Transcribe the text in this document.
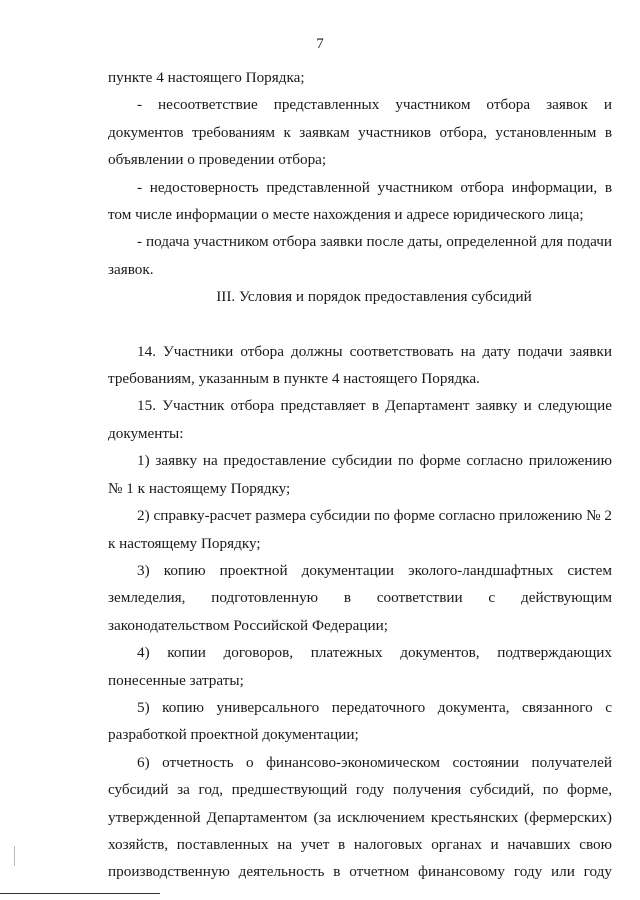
7

пункте 4 настоящего Порядка;

- несоответствие представленных участником отбора заявок и документов требованиям к заявкам участников отбора, установленным в объявлении о проведении отбора;

- недостоверность представленной участником отбора информации, в том числе информации о месте нахождения и адресе юридического лица;

- подача участником отбора заявки после даты, определенной для подачи заявок.

III. Условия и порядок предоставления субсидий

14. Участники отбора должны соответствовать на дату подачи заявки требованиям, указанным в пункте 4 настоящего Порядка.

15. Участник отбора представляет в Департамент заявку и следующие документы:

1) заявку на предоставление субсидии по форме согласно приложению № 1 к настоящему Порядку;

2) справку-расчет размера субсидии по форме согласно приложению № 2 к настоящему Порядку;

3) копию проектной документации эколого-ландшафтных систем земледелия, подготовленную в соответствии с действующим законодательством Российской Федерации;

4) копии договоров, платежных документов, подтверждающих понесенные затраты;

5) копию универсального передаточного документа, связанного с разработкой проектной документации;

6) отчетность о финансово-экономическом состоянии получателей субсидий за год, предшествующий году получения субсидий, по форме, утвержденной Департаментом (за исключением крестьянских (фермерских) хозяйств, поставленных на учет в налоговых органах и начавших свою производственную деятельность в отчетном финансовому году или году
